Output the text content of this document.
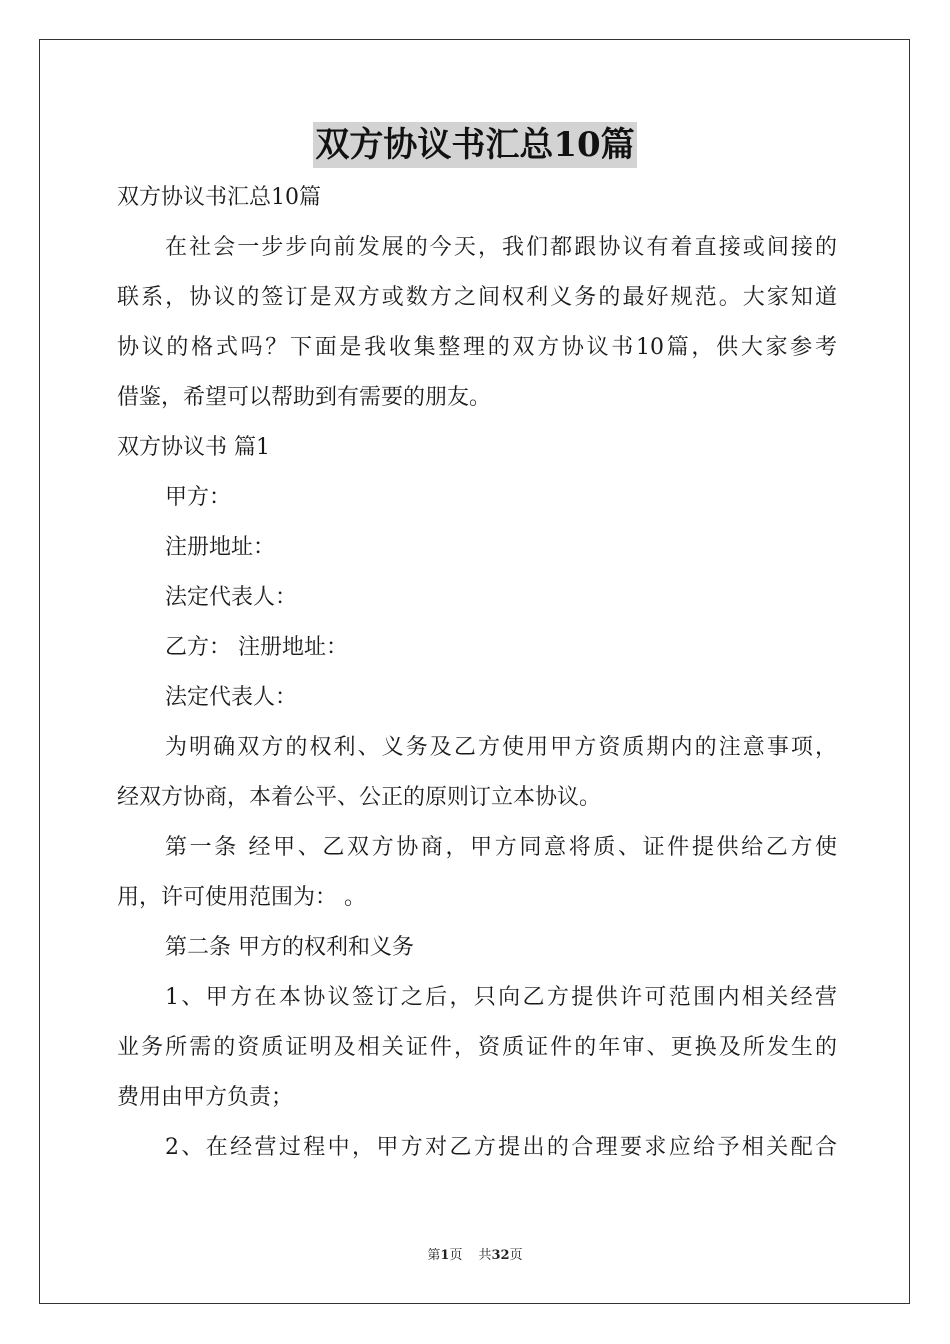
双方协议书汇总10篇
双方协议书汇总10篇
在社会一步步向前发展的今天，我们都跟协议有着直接或间接的
联系，协议的签订是双方或数方之间权利义务的最好规范。大家知道
协议的格式吗？下面是我收集整理的双方协议书10篇，供大家参考
借鉴，希望可以帮助到有需要的朋友。
双方协议书 篇1
甲方：
注册地址：
法定代表人：
乙方： 注册地址：
法定代表人：
为明确双方的权利、义务及乙方使用甲方资质期内的注意事项，
经双方协商，本着公平、公正的原则订立本协议。
第一条 经甲、乙双方协商，甲方同意将质、证件提供给乙方使
用，许可使用范围为： 。
第二条 甲方的权利和义务
1、甲方在本协议签订之后，只向乙方提供许可范围内相关经营
业务所需的资质证明及相关证件，资质证件的年审、更换及所发生的
费用由甲方负责；
2、在经营过程中，甲方对乙方提出的合理要求应给予相关配合
第1页 共32页
